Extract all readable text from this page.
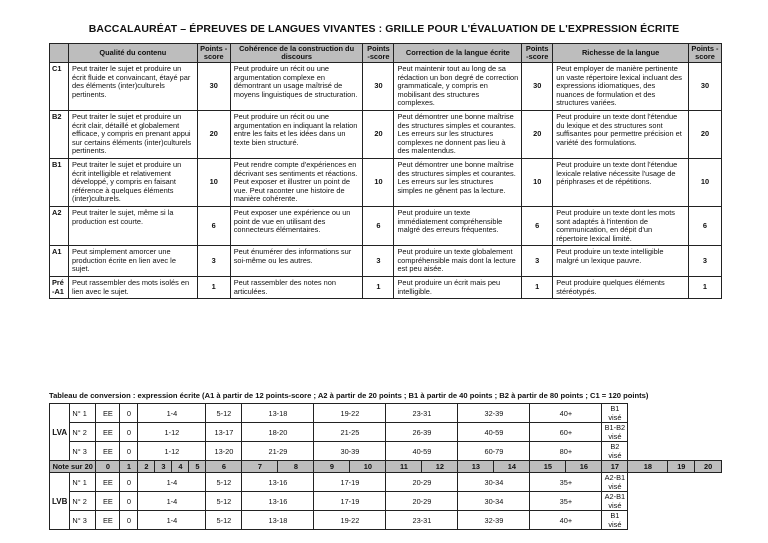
BACCALAURÉAT – ÉPREUVES DE LANGUES VIVANTES : GRILLE POUR L'ÉVALUATION DE L'EXPRESSION ÉCRITE
	Qualité du contenu	Points -score	Cohérence de la construction du discours	Points -score	Correction de la langue écrite	Points -score	Richesse de la langue	Points -score
C1	Peut traiter le sujet et produire un écrit fluide et convaincant, étayé par des éléments (inter)culturels pertinents.	30	Peut produire un récit ou une argumentation complexe en démontrant un usage maîtrisé de moyens linguistiques de structuration.	30	Peut maintenir tout au long de sa rédaction un bon degré de correction grammaticale, y compris en mobilisant des structures complexes.	30	Peut employer de manière pertinente un vaste répertoire lexical incluant des expressions idiomatiques, des nuances de formulation et des structures variées.	30
B2	Peut traiter le sujet et produire un écrit clair, détaillé et globalement efficace, y compris en prenant appui sur certains éléments (inter)culturels pertinents.	20	Peut produire un récit ou une argumentation en indiquant la relation entre les faits et les idées dans un texte bien structuré.	20	Peut démontrer une bonne maîtrise des structures simples et courantes. Les erreurs sur les structures complexes ne donnent pas lieu à des malentendus.	20	Peut produire un texte dont l'étendue du lexique et des structures sont suffisantes pour permettre précision et variété des formulations.	20
B1	Peut traiter le sujet et produire un écrit intelligible et relativement développé, y compris en faisant référence à quelques éléments (inter)culturels.	10	Peut rendre compte d'expériences en décrivant ses sentiments et réactions. Peut exposer et illustrer un point de vue. Peut raconter une histoire de manière cohérente.	10	Peut démontrer une bonne maîtrise des structures simples et courantes. Les erreurs sur les structures simples ne gênent pas la lecture.	10	Peut produire un texte dont l'étendue lexicale relative nécessite l'usage de périphrases et de répétitions.	10
A2	Peut traiter le sujet, même si la production est courte.	6	Peut exposer une expérience ou un point de vue en utilisant des connecteurs élémentaires.	6	Peut produire un texte immédiatement compréhensible malgré des erreurs fréquentes.	6	Peut produire un texte dont les mots sont adaptés à l'intention de communication, en dépit d'un répertoire lexical limité.	6
A1	Peut simplement amorcer une production écrite en lien avec le sujet.	3	Peut énumérer des informations sur soi-même ou les autres.	3	Peut produire un texte globalement compréhensible mais dont la lecture est peu aisée.	3	Peut produire un texte intelligible malgré un lexique pauvre.	3
Pré -A1	Peut rassembler des mots isolés en lien avec le sujet.	1	Peut rassembler des notes non articulées.	1	Peut produire un écrit mais peu intelligible.	1	Peut produire quelques éléments stéréotypés.	1
Tableau de conversion : expression écrite (A1 à partir de 12 points-score ; A2 à partir de 20 points ; B1 à partir de 40 points ; B2 à partir de 80 points ; C1 = 120 points)
LVA	N° 1	EE	0	1-4				5-12	13-18		19-22		23-31		32-39		40+		B1 visé			
	N° 2	EE	0	1-12				13-17	18-20		21-25		26-39		40-59		60+		B1-B2 visé			
	N° 3	EE	0	1-12				13-20	21-29		30-39		40-59		60-79		80+		B2 visé			
Note sur 20		0	1	2	3	4	5	6	7	8	9	10	11	12	13	14	15	16	17	18	19	20
LVB	N° 1	EE	0	1-4				5-12	13-16		17-19		20-29		30-34		35+		A2-B1 visé			
	N° 2	EE	0	1-4				5-12	13-16		17-19		20-29		30-34		35+		A2-B1 visé			
	N° 3	EE	0	1-4				5-12	13-18		19-22		23-31		32-39		40+		B1 visé			
